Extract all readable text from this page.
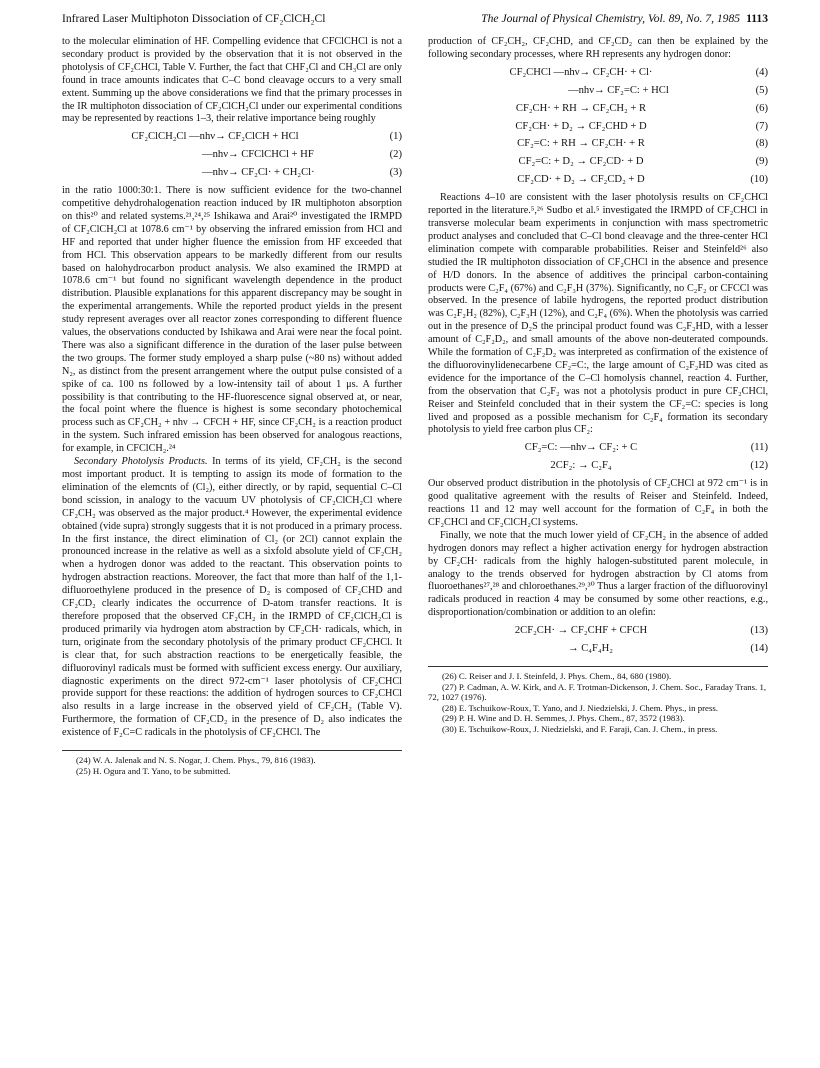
Infrared Laser Multiphoton Dissociation of CF₂ClCH₂Cl	The Journal of Physical Chemistry, Vol. 89, No. 7, 1985 1113

to the molecular elimination of HF. Compelling evidence that CFClCHCl is not a secondary product is provided by the observation that it is not observed in the photolysis of CF₂CHCl, Table V. Further, the fact that CHF₂Cl and CH₃Cl are only found in trace amounts indicates that C–C bond cleavage occurs to a very small extent. Summing up the above considerations we find that the primary processes in the IR multiphoton dissociation of CF₂ClCH₂Cl under our experimental conditions may be represented by reactions 1–3, their relative importance being roughly

CF₂ClCH₂Cl —nhν→ CF₂ClCH + HCl	(1)
—nhν→ CFClCHCl + HF	(2)
—nhν→ CF₂Cl· + CH₂Cl·	(3)

in the ratio 1000:30:1. There is now sufficient evidence for the two-channel competitive dehydrohalogenation reaction induced by IR multiphoton absorption on this²⁰ and related systems.²¹,²⁴,²⁵ Ishikawa and Arai²⁰ investigated the IRMPD of CF₂ClCH₂Cl at 1078.6 cm⁻¹ by observing the infrared emission from HCl and HF and reported that under higher fluence the emission from HF exceeded that from HCl. This observation appears to be markedly different from our results based on halohydrocarbon product analysis. We also examined the IRMPD at 1078.6 cm⁻¹ but found no significant wavelength dependence in the product distribution. Plausible explanations for this apparent discrepancy may be sought in the experimental arrangements. While the reported product yields in the present study represent averages over all reactor zones corresponding to different fluence values, the observations conducted by Ishikawa and Arai were near the focal point. There was also a significant difference in the duration of the laser pulse between the two groups. The former study employed a sharp pulse (~80 ns) without added N₂, as distinct from the present arrangement where the output pulse consisted of a spike of ca. 100 ns followed by a low-intensity tail of about 1 μs. A further possibility is that contributing to the HF-fluorescence signal observed at, or near, the focal point where the fluence is highest is some secondary photochemical process such as CF₂CH₂ + nhν → CFCH + HF, since CF₂CH₂ is a reaction product in the system. Such infrared emission has been observed for analogous reactions, for example, in CFClCH₂.²⁴

Secondary Photolysis Products. In terms of its yield, CF₂CH₂ is the second most important product. It is tempting to assign its mode of formation to the elimination of the elemcnts of (Cl₂), either directly, or by rapid, sequential C–Cl bond scission, in analogy to the vacuum UV photolysis of CF₂ClCH₂Cl where CF₂CH₂ was observed as the major product.⁴ However, the experimental evidence obtained (vide supra) strongly suggests that it is not produced in a primary process. In the first instance, the direct elimination of Cl₂ (or 2Cl) cannot explain the pronounced increase in the relative as well as a sixfold absolute yield of CF₂CH₂ when a hydrogen donor was added to the reactant. This observation points to hydrogen abstraction reactions. Moreover, the fact that more than half of the 1,1-difluoroethylene produced in the presence of D₂ is composed of CF₂CHD and CF₂CD₂ clearly indicates the occurrence of D-atom transfer reactions. It is therefore proposed that the observed CF₂CH₂ in the IRMPD of CF₂ClCH₂Cl is produced primarily via hydrogen atom abstraction by CF₂CH· radicals, which, in turn, originate from the secondary photolysis of the primary product CF₂CHCl. It is clear that, for such abstraction reactions to be energetically feasible, the difluorovinyl radicals must be formed with sufficient excess energy. Our auxiliary, diagnostic experiments on the direct 972-cm⁻¹ laser photolysis of CF₂CHCl provide support for these reactions: the addition of hydrogen sources to CF₂CHCl also results in a large increase in the observed yield of CF₂CH₂ (Table V). Furthermore, the formation of CF₂CD₂ in the presence of D₂ also indicates the existence of F₂C=C radicals in the photolysis of CF₂CHCl. The

(24) W. A. Jalenak and N. S. Nogar, J. Chem. Phys., 79, 816 (1983).
(25) H. Ogura and T. Yano, to be submitted.

production of CF₂CH₂, CF₂CHD, and CF₂CD₂ can then be explained by the following secondary processes, where RH represents any hydrogen donor:

CF₂CHCl —nhν→ CF₂CH· + Cl·	(4)
—nhν→ CF₂=C: + HCl	(5)
CF₂CH· + RH → CF₂CH₂ + R	(6)
CF₂CH· + D₂ → CF₂CHD + D	(7)
CF₂=C: + RH → CF₂CH· + R	(8)
CF₂=C: + D₂ → CF₂CD· + D	(9)
CF₂CD· + D₂ → CF₂CD₂ + D	(10)

Reactions 4–10 are consistent with the laser photolysis results on CF₂CHCl reported in the literature.⁵,²⁶ Sudbo et al.⁵ investigated the IRMPD of CF₂CHCl in transverse molecular beam experiments in conjunction with mass spectrometric product analyses and concluded that C–Cl bond cleavage and the three-center HCl elimination compete with comparable probabilities. Reiser and Steinfeld²⁶ also studied the IR multiphoton dissociation of CF₂CHCl in the absence and presence of H/D donors. In the absence of additives the principal carbon-containing products were C₂F₄ (67%) and C₂F₃H (37%). Significantly, no C₂F₂ or CFCCl was observed. In the presence of labile hydrogens, the reported product distribution was C₂F₂H₂ (82%), C₂F₃H (12%), and C₂F₄ (6%). When the photolysis was carried out in the presence of D₂S the principal product found was C₂F₂HD, with a lesser amount of C₂F₂D₂, and small amounts of the above non-deuterated compounds. While the formation of C₂F₂D₂ was interpreted as confirmation of the existence of the difluorovinylidenecarbene CF₂=C:, the large amount of C₂F₂HD was cited as evidence for the importance of the C–Cl homolysis channel, reaction 4. Further, from the observation that C₂F₂ was not a photolysis product in pure CF₂CHCl, Reiser and Steinfeld concluded that in their system the CF₂=C: species is long lived and proposed as a possible mechanism for C₂F₄ formation its secondary photolysis to yield free carbon plus CF₂:

CF₂=C: —nhν→ CF₂: + C	(11)
2CF₂: → C₂F₄	(12)

Our observed product distribution in the photolysis of CF₂CHCl at 972 cm⁻¹ is in good qualitative agreement with the results of Reiser and Steinfeld. Indeed, reactions 11 and 12 may well account for the formation of C₂F₄ in both the CF₂CHCl and CF₂ClCH₂Cl systems.

Finally, we note that the much lower yield of CF₂CH₂ in the absence of added hydrogen donors may reflect a higher activation energy for hydrogen abstraction by CF₂CH· radicals from the highly halogen-substituted parent molecule, in analogy to the trends observed for hydrogen abstraction by Cl atoms from fluoroethanes²⁷,²⁸ and chloroethanes.²⁹,³⁰ Thus a larger fraction of the difluorovinyl radicals produced in reaction 4 may be consumed by some other reactions, e.g., disproportionation/combination or addition to an olefin:

2CF₂CH· → CF₂CHF + CFCH	(13)
→ C₄F₄H₂	(14)
(26) C. Reiser and J. I. Steinfeld, J. Phys. Chem., 84, 680 (1980).
(27) P. Cadman, A. W. Kirk, and A. F. Trotman-Dickenson, J. Chem. Soc., Faraday Trans. 1, 72, 1027 (1976).
(28) E. Tschuikow-Roux, T. Yano, and J. Niedzielski, J. Chem. Phys., in press.
(29) P. H. Wine and D. H. Semmes, J. Phys. Chem., 87, 3572 (1983).
(30) E. Tschuikow-Roux, J. Niedzielski, and F. Faraji, Can. J. Chem., in press.
